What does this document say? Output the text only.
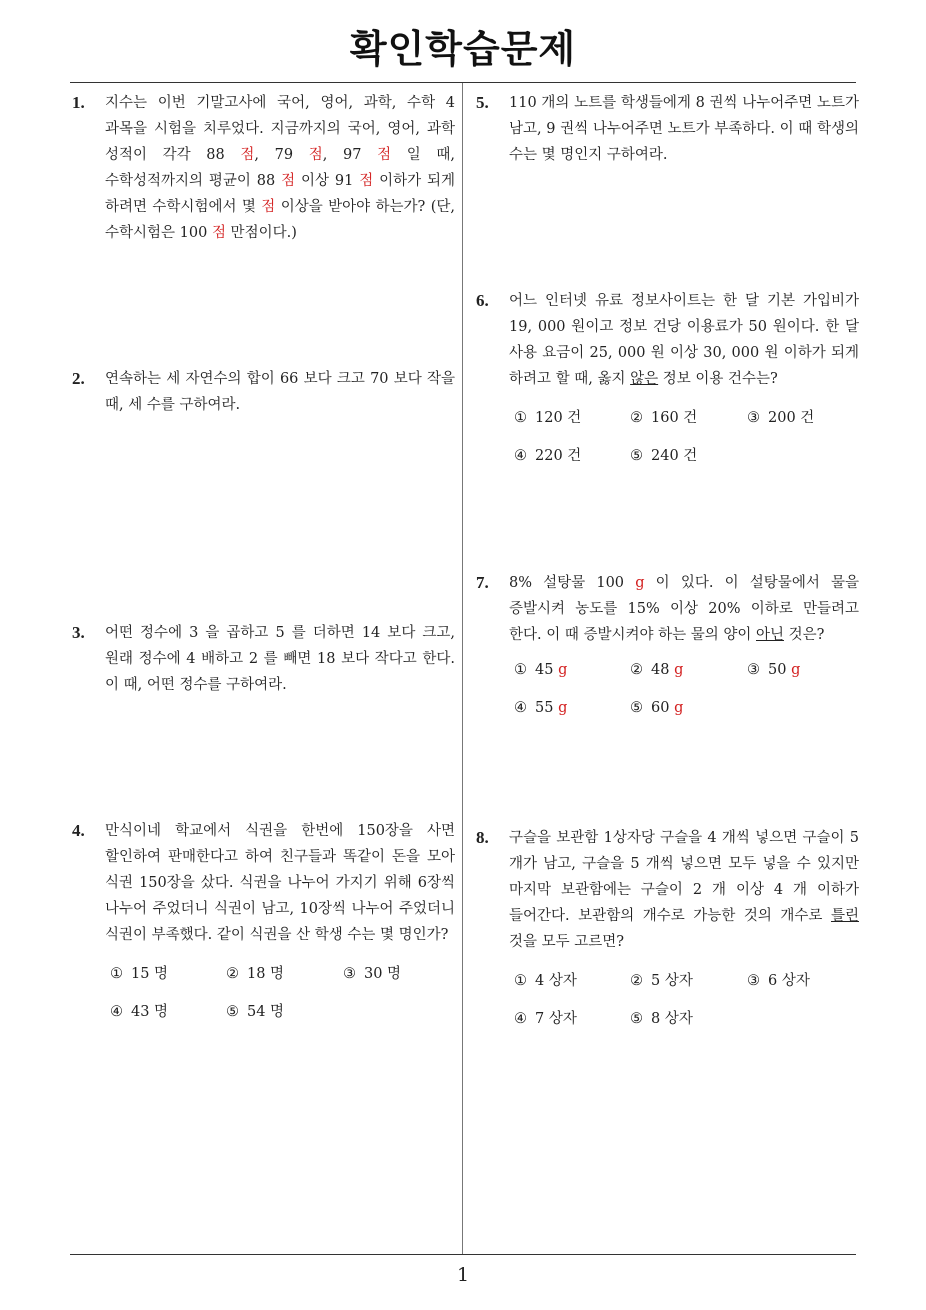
확인학습문제
1. 지수는 이번 기말고사에 국어, 영어, 과학, 수학 4 과목을 시험을 치루었다. 지금까지의 국어, 영어, 과학 성적이 각각 88 점, 79 점, 97 점 일 때, 수학성적까지의 평균이 88 점 이상 91 점 이하가 되게 하려면 수학시험에서 몇 점 이상을 받아야 하는가? (단, 수학시험은 100 점 만점이다.)
2. 연속하는 세 자연수의 합이 66 보다 크고 70 보다 작을 때, 세 수를 구하여라.
3. 어떤 정수에 3 을 곱하고 5 를 더하면 14 보다 크고, 원래 정수에 4 배하고 2 를 빼면 18 보다 작다고 한다. 이 때, 어떤 정수를 구하여라.
4. 만식이네 학교에서 식권을 한번에 150장을 사면 할인하여 판매한다고 하여 친구들과 똑같이 돈을 모아 식권 150장을 샀다. 식권을 나누어 가지기 위해 6장씩 나누어 주었더니 식권이 남고, 10장씩 나누어 주었더니 식권이 부족했다. 같이 식권을 산 학생 수는 몇 명인가?
① 15 명	② 18 명	③ 30 명
④ 43 명	⑤ 54 명
5. 110 개의 노트를 학생들에게 8 권씩 나누어주면 노트가 남고, 9 권씩 나누어주면 노트가 부족하다. 이 때 학생의 수는 몇 명인지 구하여라.
6. 어느 인터넷 유료 정보사이트는 한 달 기본 가입비가 19, 000 원이고 정보 건당 이용료가 50 원이다. 한 달 사용 요금이 25, 000 원 이상 30, 000 원 이하가 되게 하려고 할 때, 옳지 않은 정보 이용 건수는?
① 120 건	② 160 건	③ 200 건
④ 220 건	⑤ 240 건
7. 8% 설탕물 100 g 이 있다. 이 설탕물에서 물을 증발시켜 농도를 15% 이상 20% 이하로 만들려고 한다. 이 때 증발시켜야 하는 물의 양이 아닌 것은?
① 45 g	② 48 g	③ 50 g
④ 55 g	⑤ 60 g
8. 구슬을 보관함 1상자당 구슬을 4 개씩 넣으면 구슬이 5 개가 남고, 구슬을 5 개씩 넣으면 모두 넣을 수 있지만 마지막 보관함에는 구슬이 2 개 이상 4 개 이하가 들어간다. 보관함의 개수로 가능한 것의 개수로 틀린 것을 모두 고르면?
① 4 상자	② 5 상자	③ 6 상자
④ 7 상자	⑤ 8 상자
1
